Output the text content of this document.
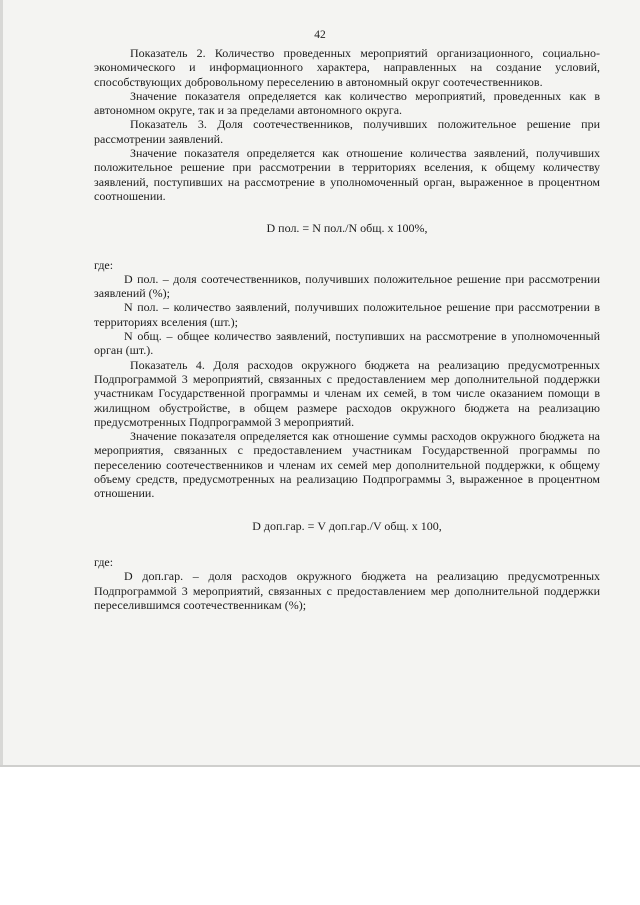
42

Показатель 2. Количество проведенных мероприятий организационного, социально-экономического и информационного характера, направленных на создание условий, способствующих добровольному переселению в автономный округ соотечественников.

Значение показателя определяется как количество мероприятий, проведенных как в автономном округе, так и за пределами автономного округа.

Показатель 3. Доля соотечественников, получивших положительное решение при рассмотрении заявлений.

Значение показателя определяется как отношение количества заявлений, получивших положительное решение при рассмотрении в территориях вселения, к общему количеству заявлений, поступивших на рассмотрение в уполномоченный орган, выраженное в процентном соотношении.

D пол. = N пол./N общ. х 100%,

где:

D пол. – доля соотечественников, получивших положительное решение при рассмотрении заявлений (%);

N пол. – количество заявлений, получивших положительное решение при рассмотрении в территориях вселения (шт.);

N общ. – общее количество заявлений, поступивших на рассмотрение в уполномоченный орган (шт.).

Показатель 4. Доля расходов окружного бюджета на реализацию предусмотренных Подпрограммой 3 мероприятий, связанных с предоставлением мер дополнительной поддержки участникам Государственной программы и членам их семей, в том числе оказанием помощи в жилищном обустройстве, в общем размере расходов окружного бюджета на реализацию предусмотренных Подпрограммой 3 мероприятий.

Значение показателя определяется как отношение суммы расходов окружного бюджета на мероприятия, связанных с предоставлением участникам Государственной программы по переселению соотечественников и членам их семей мер дополнительной поддержки, к общему объему средств, предусмотренных на реализацию Подпрограммы 3, выраженное в процентном отношении.

D доп.гар. = V доп.гар./V общ. х 100,

где:

D доп.гар. – доля расходов окружного бюджета на реализацию предусмотренных Подпрограммой 3 мероприятий, связанных с предоставлением мер дополнительной поддержки переселившимся соотечественникам (%);
